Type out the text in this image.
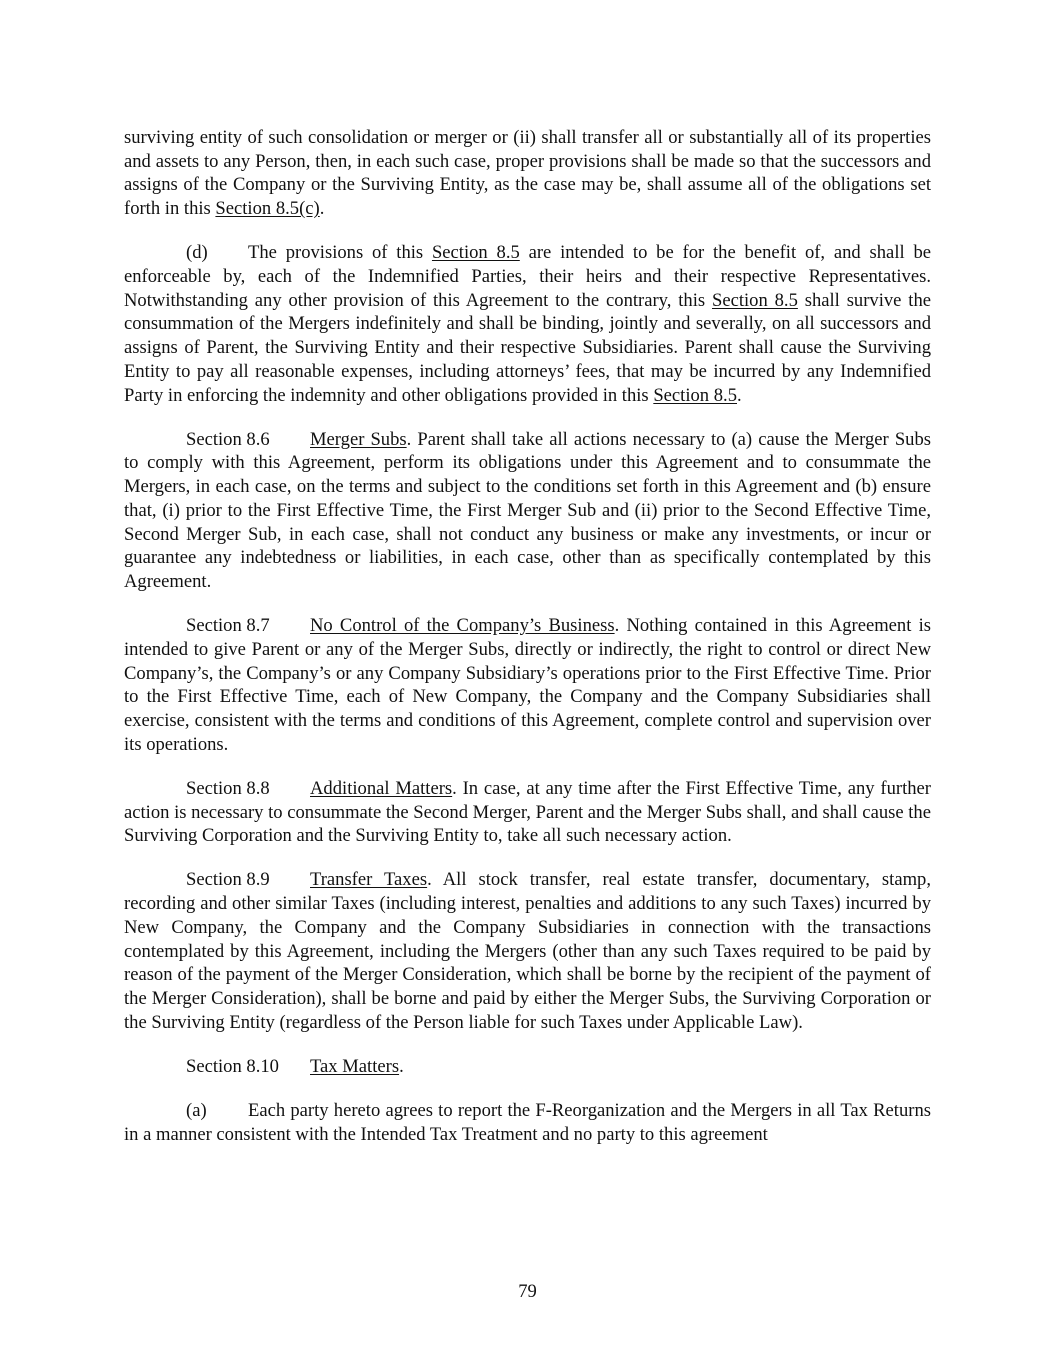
surviving entity of such consolidation or merger or (ii) shall transfer all or substantially all of its properties and assets to any Person, then, in each such case, proper provisions shall be made so that the successors and assigns of the Company or the Surviving Entity, as the case may be, shall assume all of the obligations set forth in this Section 8.5(c).

(d) The provisions of this Section 8.5 are intended to be for the benefit of, and shall be enforceable by, each of the Indemnified Parties, their heirs and their respective Representatives. Notwithstanding any other provision of this Agreement to the contrary, this Section 8.5 shall survive the consummation of the Mergers indefinitely and shall be binding, jointly and severally, on all successors and assigns of Parent, the Surviving Entity and their respective Subsidiaries. Parent shall cause the Surviving Entity to pay all reasonable expenses, including attorneys’ fees, that may be incurred by any Indemnified Party in enforcing the indemnity and other obligations provided in this Section 8.5.

Section 8.6 Merger Subs. Parent shall take all actions necessary to (a) cause the Merger Subs to comply with this Agreement, perform its obligations under this Agreement and to consummate the Mergers, in each case, on the terms and subject to the conditions set forth in this Agreement and (b) ensure that, (i) prior to the First Effective Time, the First Merger Sub and (ii) prior to the Second Effective Time, Second Merger Sub, in each case, shall not conduct any business or make any investments, or incur or guarantee any indebtedness or liabilities, in each case, other than as specifically contemplated by this Agreement.

Section 8.7 No Control of the Company’s Business. Nothing contained in this Agreement is intended to give Parent or any of the Merger Subs, directly or indirectly, the right to control or direct New Company’s, the Company’s or any Company Subsidiary’s operations prior to the First Effective Time. Prior to the First Effective Time, each of New Company, the Company and the Company Subsidiaries shall exercise, consistent with the terms and conditions of this Agreement, complete control and supervision over its operations.

Section 8.8 Additional Matters. In case, at any time after the First Effective Time, any further action is necessary to consummate the Second Merger, Parent and the Merger Subs shall, and shall cause the Surviving Corporation and the Surviving Entity to, take all such necessary action.

Section 8.9 Transfer Taxes. All stock transfer, real estate transfer, documentary, stamp, recording and other similar Taxes (including interest, penalties and additions to any such Taxes) incurred by New Company, the Company and the Company Subsidiaries in connection with the transactions contemplated by this Agreement, including the Mergers (other than any such Taxes required to be paid by reason of the payment of the Merger Consideration, which shall be borne by the recipient of the payment of the Merger Consideration), shall be borne and paid by either the Merger Subs, the Surviving Corporation or the Surviving Entity (regardless of the Person liable for such Taxes under Applicable Law).

Section 8.10 Tax Matters.

(a) Each party hereto agrees to report the F-Reorganization and the Mergers in all Tax Returns in a manner consistent with the Intended Tax Treatment and no party to this agreement

79
